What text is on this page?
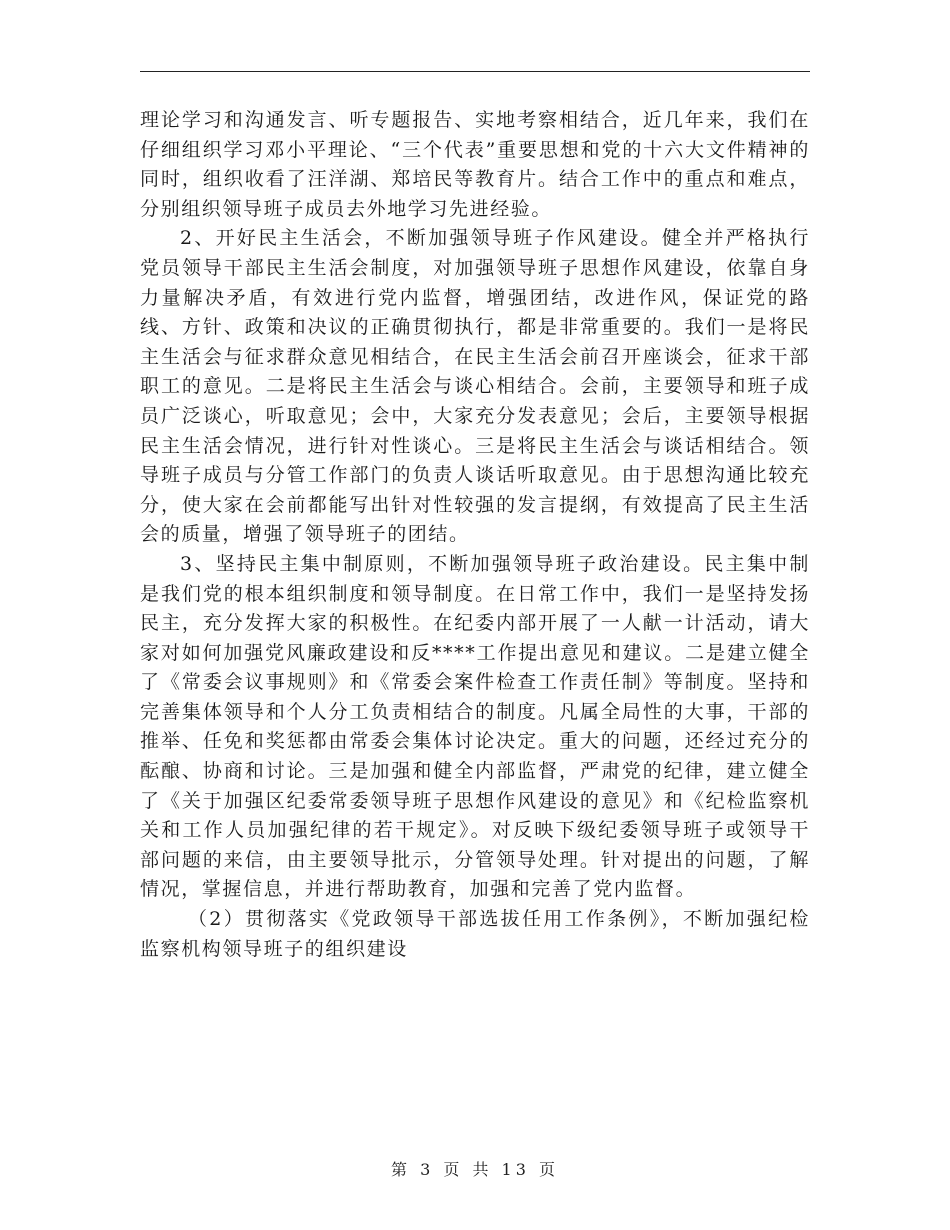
理论学习和沟通发言、听专题报告、实地考察相结合，近几年来，我们在仔细组织学习邓小平理论、“三个代表”重要思想和党的十六大文件精神的同时，组织收看了汪洋湖、郑培民等教育片。结合工作中的重点和难点，分别组织领导班子成员去外地学习先进经验。

2、开好民主生活会，不断加强领导班子作风建设。健全并严格执行党员领导干部民主生活会制度，对加强领导班子思想作风建设，依靠自身力量解决矛盾，有效进行党内监督，增强团结，改进作风，保证党的路线、方针、政策和决议的正确贯彻执行，都是非常重要的。我们一是将民主生活会与征求群众意见相结合，在民主生活会前召开座谈会，征求干部职工的意见。二是将民主生活会与谈心相结合。会前，主要领导和班子成员广泛谈心，听取意见；会中，大家充分发表意见；会后，主要领导根据民主生活会情况，进行针对性谈心。三是将民主生活会与谈话相结合。领导班子成员与分管工作部门的负责人谈话听取意见。由于思想沟通比较充分，使大家在会前都能写出针对性较强的发言提纲，有效提高了民主生活会的质量，增强了领导班子的团结。

3、坚持民主集中制原则，不断加强领导班子政治建设。民主集中制是我们党的根本组织制度和领导制度。在日常工作中，我们一是坚持发扬民主，充分发挥大家的积极性。在纪委内部开展了一人献一计活动，请大家对如何加强党风廉政建设和反****工作提出意见和建议。二是建立健全了《常委会议事规则》和《常委会案件检查工作责任制》等制度。坚持和完善集体领导和个人分工负责相结合的制度。凡属全局性的大事，干部的推举、任免和奖惩都由常委会集体讨论决定。重大的问题，还经过充分的酝酿、协商和讨论。三是加强和健全内部监督，严肃党的纪律，建立健全了《关于加强区纪委常委领导班子思想作风建设的意见》和《纪检监察机关和工作人员加强纪律的若干规定》。对反映下级纪委领导班子或领导干部问题的来信，由主要领导批示，分管领导处理。针对提出的问题，了解情况，掌握信息，并进行帮助教育，加强和完善了党内监督。

（2）贯彻落实《党政领导干部选拔任用工作条例》，不断加强纪检监察机构领导班子的组织建设

第 3 页 共 13 页
